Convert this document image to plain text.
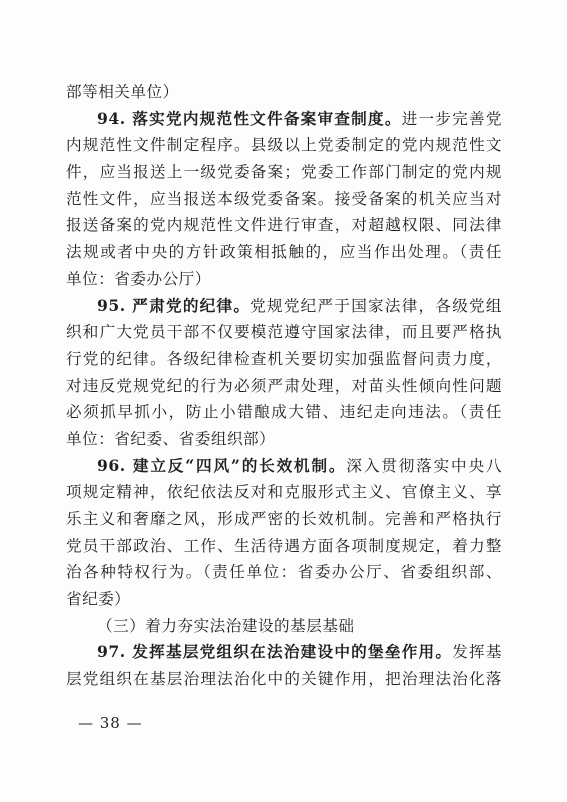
部等相关单位）
94. 落实党内规范性文件备案审查制度。进一步完善党
内规范性文件制定程序。县级以上党委制定的党内规范性文
件，应当报送上一级党委备案；党委工作部门制定的党内规
范性文件，应当报送本级党委备案。接受备案的机关应当对
报送备案的党内规范性文件进行审查，对超越权限、同法律
法规或者中央的方针政策相抵触的，应当作出处理。（责任
单位：省委办公厅）
95. 严肃党的纪律。党规党纪严于国家法律，各级党组
织和广大党员干部不仅要模范遵守国家法律，而且要严格执
行党的纪律。各级纪律检查机关要切实加强监督问责力度，
对违反党规党纪的行为必须严肃处理，对苗头性倾向性问题
必须抓早抓小，防止小错酿成大错、违纪走向违法。（责任
单位：省纪委、省委组织部）
96. 建立反“四风”的长效机制。深入贯彻落实中央八
项规定精神，依纪依法反对和克服形式主义、官僚主义、享
乐主义和奢靡之风，形成严密的长效机制。完善和严格执行
党员干部政治、工作、生活待遇方面各项制度规定，着力整
治各种特权行为。（责任单位：省委办公厅、省委组织部、
省纪委）
（三）着力夯实法治建设的基层基础
97. 发挥基层党组织在法治建设中的堡垒作用。发挥基
层党组织在基层治理法治化中的关键作用，把治理法治化落
— 38 —
